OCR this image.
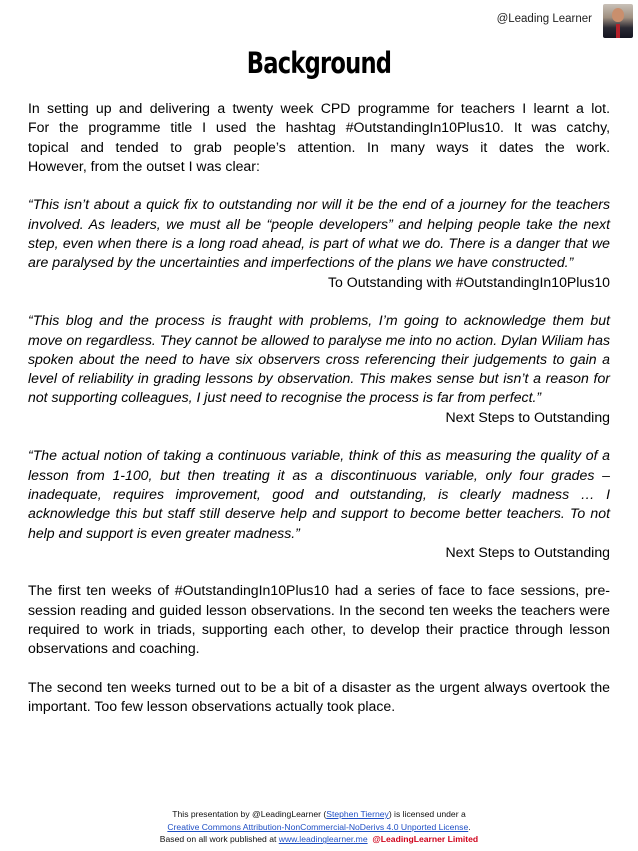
@Leading Learner
Background

In setting up and delivering a twenty week CPD programme for teachers I learnt a lot.

For the programme title I used the hashtag #OutstandingIn10Plus10. It was catchy,

topical and tended to grab people’s attention. In many ways it dates the work.

However, from the outset I was clear:

“This isn’t about a quick fix to outstanding nor will it be the end of a journey for the teachers involved. As leaders, we must all be “people developers” and helping people take the next step, even when there is a long road ahead, is part of what we do. There is a danger that we are paralysed by the uncertainties and imperfections of the plans we have constructed.”

To Outstanding with #OutstandingIn10Plus10

“This blog and the process is fraught with problems, I’m going to acknowledge them but move on regardless. They cannot be allowed to paralyse me into no action. Dylan Wiliam has spoken about the need to have six observers cross referencing their judgements to gain a level of reliability in grading lessons by observation. This makes sense but isn’t a reason for not supporting colleagues, I just need to recognise the process is far from perfect.”

Next Steps to Outstanding

“The actual notion of taking a continuous variable, think of this as measuring the quality of a lesson from 1-100, but then treating it as a discontinuous variable, only four grades – inadequate, requires improvement, good and outstanding, is clearly madness … I acknowledge this but staff still deserve help and support to become better teachers. To not help and support is even greater madness.”

Next Steps to Outstanding

The first ten weeks of #OutstandingIn10Plus10 had a series of face to face sessions, pre-session reading and guided lesson observations. In the second ten weeks the teachers were required to work in triads, supporting each other, to develop their practice through lesson observations and coaching.

The second ten weeks turned out to be a bit of a disaster as the urgent always overtook the important. Too few lesson observations actually took place.

This presentation by @LeadingLearner (Stephen Tierney) is licensed under a
Creative Commons Attribution-NonCommercial-NoDerivs 4.0 Unported License.
Based on all work published at www.leadinglearner.me @LeadingLearner Limited
